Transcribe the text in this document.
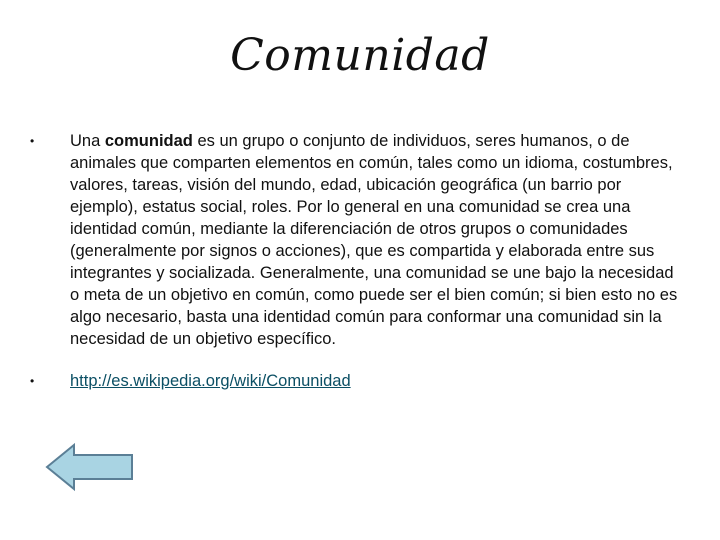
Comunidad
• Una comunidad es un grupo o conjunto de individuos, seres humanos, o de animales que comparten elementos en común, tales como un idioma, costumbres, valores, tareas, visión del mundo, edad, ubicación geográfica (un barrio por ejemplo), estatus social, roles. Por lo general en una comunidad se crea una identidad común, mediante la diferenciación de otros grupos o comunidades (generalmente por signos o acciones), que es compartida y elaborada entre sus integrantes y socializada. Generalmente, una comunidad se une bajo la necesidad o meta de un objetivo en común, como puede ser el bien común; si bien esto no es algo necesario, basta una identidad común para conformar una comunidad sin la necesidad de un objetivo específico.
• http://es.wikipedia.org/wiki/Comunidad
